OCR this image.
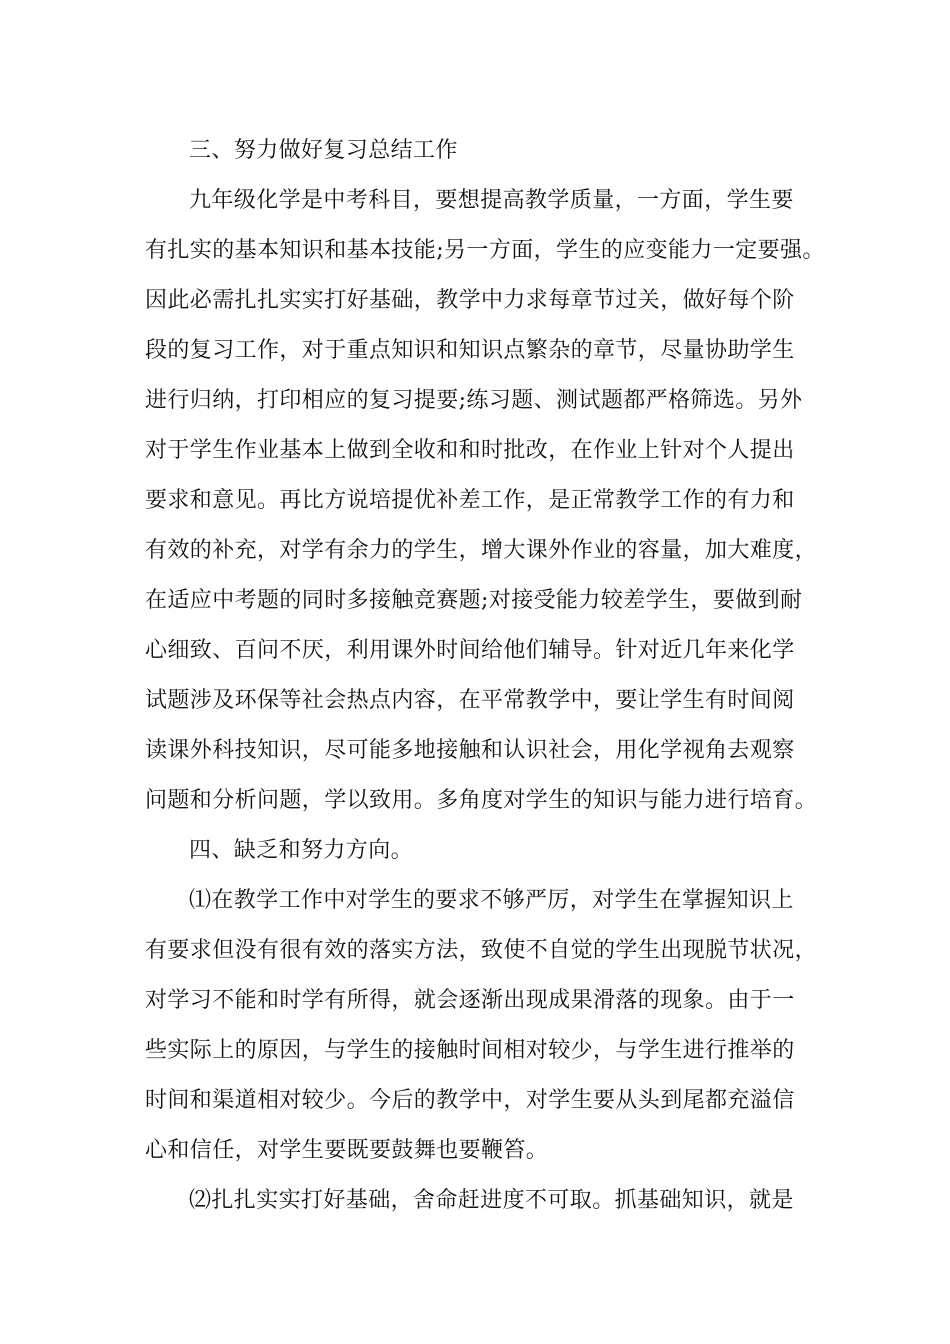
三、努力做好复习总结工作
九年级化学是中考科目，要想提高教学质量，一方面，学生要
有扎实的基本知识和基本技能;另一方面，学生的应变能力一定要强。
因此必需扎扎实实打好基础，教学中力求每章节过关，做好每个阶
段的复习工作，对于重点知识和知识点繁杂的章节，尽量协助学生
进行归纳，打印相应的复习提要;练习题、测试题都严格筛选。另外
对于学生作业基本上做到全收和和时批改，在作业上针对个人提出
要求和意见。再比方说培提优补差工作，是正常教学工作的有力和
有效的补充，对学有余力的学生，增大课外作业的容量，加大难度，
在适应中考题的同时多接触竞赛题;对接受能力较差学生，要做到耐
心细致、百问不厌，利用课外时间给他们辅导。针对近几年来化学
试题涉及环保等社会热点内容，在平常教学中，要让学生有时间阅
读课外科技知识，尽可能多地接触和认识社会，用化学视角去观察
问题和分析问题，学以致用。多角度对学生的知识与能力进行培育。
四、缺乏和努力方向。
⑴在教学工作中对学生的要求不够严厉，对学生在掌握知识上
有要求但没有很有效的落实方法，致使不自觉的学生出现脱节状况，
对学习不能和时学有所得，就会逐渐出现成果滑落的现象。由于一
些实际上的原因，与学生的接触时间相对较少，与学生进行推举的
时间和渠道相对较少。今后的教学中，对学生要从头到尾都充溢信
心和信任，对学生要既要鼓舞也要鞭笞。
⑵扎扎实实打好基础，舍命赶进度不可取。抓基础知识，就是
